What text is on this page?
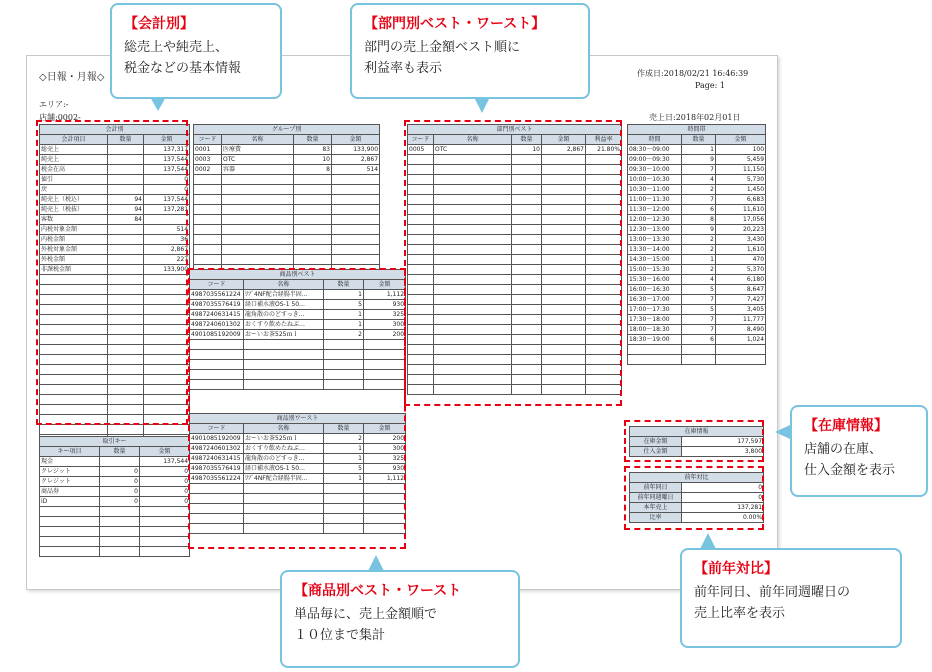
◇日報・月報◇	作成日:2018/02/21 16:46:39
Page: 1
エリア:-
店舗:0002-	売上日:2018年02月01日
会計別		
会計項目	数量	金額
総売上		137,317
純売上		137,544
税金在高		137,544
値引		0
戻		0
純売上（税込）	94	137,544
純売上（税抜）	94	137,281
客数	84	
内税対象金額		514
内税金額		36
外税対象金額		2,867
外税金額		227
非課税金額		133,900

グループ別			
コード	名称	数量	金額
0001	医療費	83	133,900
0003	OTC	10	2,867
0002	容器	8	514

商品別ベスト			
コード	名称	数量	金額
4987035561224	ﾘﾌﾞ4NF配合経腸半固…	1	1,112
4987035576419	経口補水液OS-1 50…	5	930
4987240631415	龍角散ののどすっき…	1	325
4987240601302	おくすり飲めたねぶ…	1	300
4901085192009	おーいお茶525ｍｌ	2	200

商品別ワースト			
コード	名称	数量	金額
4901085192009	おーいお茶525ｍｌ	2	200
4987240601302	おくすり飲めたねぶ…	1	300
4987240631415	龍角散ののどすっき…	1	325
4987035576419	経口補水液OS-1 50…	5	930
4987035561224	ﾘﾌﾞ4NF配合経腸半固…	1	1,112

部門別ベスト				
コード	名称	数量	金額	利益率
0005	OTC	10	2,867	21.80%

時間帯		
時間	数量	金額
08:30～09:00	1	100
09:00～09:30	9	5,459
09:30～10:00	7	11,150
10:00～10:30	4	5,730
10:30～11:00	2	1,450
11:00～11:30	7	6,683
11:30～12:00	6	11,610
12:00～12:30	8	17,056
12:30～13:00	9	20,223
13:00～13:30	2	3,430
13:30～14:00	2	1,610
14:30～15:00	1	470
15:00～15:30	2	5,370
15:30～16:00	4	6,180
16:00～16:30	5	8,647
16:30～17:00	7	7,427
17:00～17:30	5	3,405
17:30～18:00	7	11,777
18:00～18:30	7	8,490
18:30～19:00	6	1,024

取引キー		
キー項目	数量	金額
現金		137,544
クレジット	0	0
クレジット	0	0
商品券	0	0
iD	0	0

在庫情報	
在庫金額	177,597
仕入金額	3,800
前年対比	
前年同日	0
前年同週曜日	0
本年売上	137,281
比率	0.00%
【会計別】
総売上や純売上、
税金などの基本情報
【部門別ベスト・ワースト】
部門の売上金額ベスト順に
利益率も表示
【在庫情報】
店舗の在庫、
仕入金額を表示
【前年対比】
前年同日、前年同週曜日の
売上比率を表示
【商品別ベスト・ワースト
単品毎に、売上金額順で
１０位まで集計
